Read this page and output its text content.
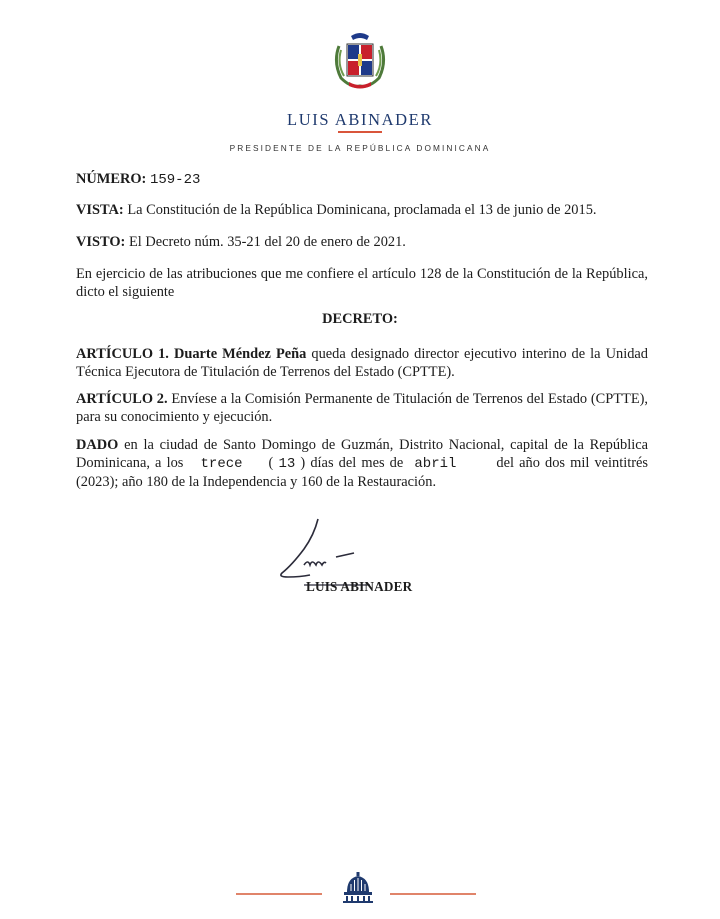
LUIS ABINADER
PRESIDENTE DE LA REPÚBLICA DOMINICANA
NÚMERO: 159-23
VISTA: La Constitución de la República Dominicana, proclamada el 13 de junio de 2015.
VISTO: El Decreto núm. 35-21 del 20 de enero de 2021.
En ejercicio de las atribuciones que me confiere el artículo 128 de la Constitución de la República, dicto el siguiente
DECRETO:
ARTÍCULO 1. Duarte Méndez Peña queda designado director ejecutivo interino de la Unidad Técnica Ejecutora de Titulación de Terrenos del Estado (CPTTE).
ARTÍCULO 2. Envíese a la Comisión Permanente de Titulación de Terrenos del Estado (CPTTE), para su conocimiento y ejecución.
DADO en la ciudad de Santo Domingo de Guzmán, Distrito Nacional, capital de la República Dominicana, a los trece ( 13 ) días del mes de abril	del año dos mil veintitrés (2023); año 180 de la Independencia y 160 de la Restauración.
LUIS ABINADER
